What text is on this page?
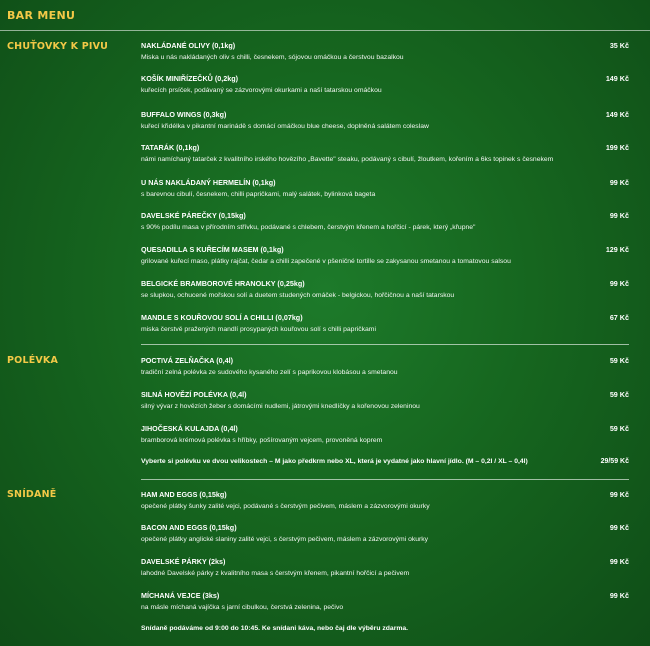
BAR MENU
CHUŤOVKY K PIVU	NAKLÁDANÉ OLIVY (0,1kg)	35 Kč
Miska u nás nakládaných oliv s chilli, česnekem, sójovou omáčkou a čerstvou bazalkou
KOŠÍK MINIŘÍZEČKŮ (0,2kg)	149 Kč
kuřecích prsíček, podávaný se zázvorovými okurkami a naší tatarskou omáčkou
BUFFALO WINGS (0,3kg)	149 Kč
kuřecí křidélka v pikantní marinádě s domácí omáčkou blue cheese, doplněná salátem coleslaw
TATARÁK (0,1kg)	199 Kč
námi namíchaný tatarček z kvalitního irského hovězího „Bavette" steaku, podávaný s cibulí, žloutkem, kořením a 6ks topinek s česnekem
U NÁS NAKLÁDANÝ HERMELÍN (0,1kg)	99 Kč
s barevnou cibulí, česnekem, chilli papričkami, malý salátek, bylinková bageta
DAVELSKÉ PÁREČKY (0,15kg)	99 Kč
s 90% podílu masa v přírodním střívku, podávané s chlebem, čerstvým křenem a hořčicí - párek, který „křupne"
QUESADILLA S KUŘECÍM MASEM (0,1kg)	129 Kč
grilované kuřecí maso, plátky rajčat, čedar a chilli zapečené v pšeničné tortille se zakysanou smetanou a tomatovou salsou
BELGICKÉ BRAMBOROVÉ HRANOLKY (0,25kg)	99 Kč
se slupkou, ochucené mořskou solí a duetem studených omáček - belgickou, hořčičnou a naší tatarskou
MANDLE S KOUŘOVOU SOLÍ A CHILLI (0,07kg)	67 Kč
miska čerstvě pražených mandlí prosypaných kouřovou solí s chilli papričkami
POLÉVKA	POCTIVÁ ZELŇAČKA (0,4l)	59 Kč
tradiční zelná polévka ze sudového kysaného zelí s paprikovou klobásou a smetanou
SILNÁ HOVĚZÍ POLÉVKA (0,4l)	59 Kč
silný vývar z hovězích žeber s domácími nudlemi, játrovými knedlíčky a kořenovou zeleninou
JIHOČESKÁ KULAJDA (0,4l)	59 Kč
bramborová krémová polévka s hříbky, pošírovaným vejcem, provoněná koprem
Vyberte si polévku ve dvou velikostech – M jako předkrm nebo XL, která je vydatné jako hlavní jídlo. (M – 0,2l / XL – 0,4l)	29/59 Kč
SNÍDANĚ	HAM AND EGGS (0,15kg)	99 Kč
opečené plátky šunky zalité vejci, podávané s čerstvým pečivem, máslem a zázvorovými okurky
BACON AND EGGS (0,15kg)	99 Kč
opečené plátky anglické slaniny zalité vejci, s čerstvým pečivem, máslem a zázvorovými okurky
DAVELSKÉ PÁRKY (2ks)	99 Kč
lahodné Davelské párky z kvalitního masa s čerstvým křenem, pikantní hořčicí a pečivem
MÍCHANÁ VEJCE (3ks)	99 Kč
na másle míchaná vajíčka s jarní cibulkou, čerstvá zelenina, pečivo
Snídaně podáváme od 9:00 do 10:45. Ke snídani káva, nebo čaj dle výběru zdarma.
